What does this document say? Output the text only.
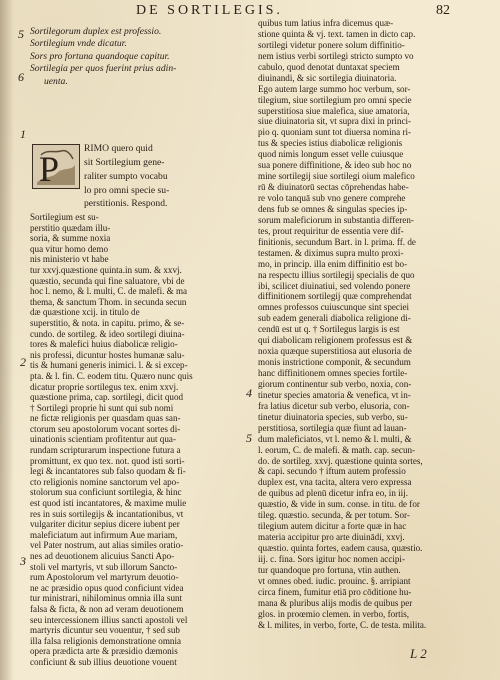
DE SORTILEGIS.	82
5
6
1
2
3
4
5
Sortilegorum duplex est professio.
Sortilegium vnde dicatur.
Sors pro fortuna quandoque capitur.
Sortilegia per quos fuerint prius adin-
uenta.
P
RIMO quero quid
sit Sortilegium gene-
raliter sumpto vocabu
lo pro omni specie su-
perstitionis. Respond.
Sortilegium est su-
perstitio quædam illu-
soria, & summe noxia
qua vitur homo demo
nis ministerio vt habe
tur xxvj.quæstione quinta.in sum. & xxvj.
quæstio, secunda qui fine saluatore, vbi de
hoc l. nemo, & l. multi, C. de malefi. & ma
thema, & sanctum Thom. in secunda secun
dæ quæstione xcij. in titulo de
superstitio, & nota. in capitu. primo, & se-
cundo. de sortileg. & ideo sortilegi diuina-
tores & malefici huius diabolicæ religio-
nis professi, dicuntur hostes humanæ salu-
tis & humani generis inimici. l. & si excep-
pta. & l. fin. C. eodem titu. Quæro nunc quis
dicatur proprie sortilegus tex. enim xxvj.
quæstione prima, cap. sortilegi, dicit quod
† Sortilegi proprie hi sunt qui sub nomi
ne fictæ religionis per quasdam quas san-
ctorum seu apostolorum vocant sortes di-
uinationis scientiam profitentur aut qua-
rundam scripturarum inspectione futura a
promittunt, ex quo tex. not. quod isti sorti-
legi & incantatores sub falso quodam & fi-
cto religionis nomine sanctorum vel apo-
stolorum sua conficiunt sortilegia, & hinc
est quod isti incantatores, & maxime mulie
res in suis sortilegijs & incantationibus, vt
vulgariter dicitur sepius dicere iubent per
maleficiatum aut infirmum Aue mariam,
vel Pater nostrum, aut alias similes oratio-
nes ad deuotionem alicuius Sancti Apo-
stoli vel martyris, vt sub illorum Sancto-
rum Apostolorum vel martyrum deuotio-
ne ac præsidio opus quod conficiunt videa
tur ministrari, nihilominus omnia illa sunt
falsa & ficta, & non ad veram deuotionem
seu intercessionem illius sancti apostoli vel
martyris dicuntur seu vouentur, † sed sub
illa falsa religionis demonstratione omnia
opera prædicta arte & præsidio dæmonis
conficiunt & sub illius deuotione vouent
quibus tum latius infra dicemus quæ-
stione quinta & vj. text. tamen in dicto cap.
sortilegi videtur ponere solum diffinitio-
nem istius verbi sortilegi stricto sumpto vo
cabulo, quod denotat duntaxat speciem
diuinandi, & sic sortilegia diuinatoria.
Ego autem large summo hoc verbum, sor-
tilegium, siue sortilegium pro omni specie
superstitiosa siue malefica, siue amatoria,
siue diuinatoria sit, vt supra dixi in princi-
pio q. quoniam sunt tot diuersa nomina ri-
tus & species istius diabolicæ religionis
quod nimis longum esset velle cuiusque
sua ponere diffinitione, & ideo sub hoc no
mine sortilegij siue sortilegi oium malefico
rū & diuinatorū sectas cōprehendas habe-
re volo tanquā sub vno genere comprehe
dens fub se omnes & singulas species ip-
sorum maleficiorum in substantia differen-
tes, prout requiritur de essentia vere dif-
finitionis, secundum Bart. in l. prima. ff. de
testamen. & diximus supra multo proxi-
mo, in princip. illa enim diffinitio est bo-
na respectu illius sortilegij specialis de quo
ibi, scilicet diuinatiui, sed volendo ponere
diffinitionem sortilegij quæ comprehendat
omnes professos cuiuscunque sint speciei
sub eadem generali diabolica religione di-
cendū est ut q. † Sortilegus largis is est
qui diabolicam religionem professus est &
noxia quæque superstitiosa aut elusoria de
monis instrictione componit, & secundum
hanc diffinitionem omnes species fortile-
giorum continentur sub verbo, noxia, con-
tinetur species amatoria & venefica, vt in-
fra latius dicetur sub verbo, elusoria, con-
tinetur diuinatoria species, sub verbo, su-
perstitiosa, sortilegia quæ fiunt ad lauan-
dum maleficiatos, vt l. nemo & l. multi, &
l. eorum, C. de malefi. & math. cap. secun-
do. de sortileg. xxvj. quæstione quinta sortes,
& capi. secundo † iftum autem professio
duplex est, vna tacita, altera vero expressa
de quibus ad plenū dicetur infra eo, in iij.
quæstio, & vide in sum. conse. in titu. de for
tileg. quæstio. secunda, & per totum. Sor-
tilegium autem dicitur a forte quæ in hac
materia accipitur pro arte diuinādi, xxvj.
quæstio. quinta fortes, eadem causa, quæstio.
iij. c. fina. Sors igitur hoc nomen accipi-
tur quandoque pro fortuna, vtin authen.
vt omnes obed. iudic. prouinc. §. arripiant
circa finem, fumitur etiā pro cōditione hu-
mana & pluribus alijs modis de quibus per
glos. in proœmio clemen. in verbo, fortis,
& l. milites, in verbo, forte, C. de testa. milita.
L 2
